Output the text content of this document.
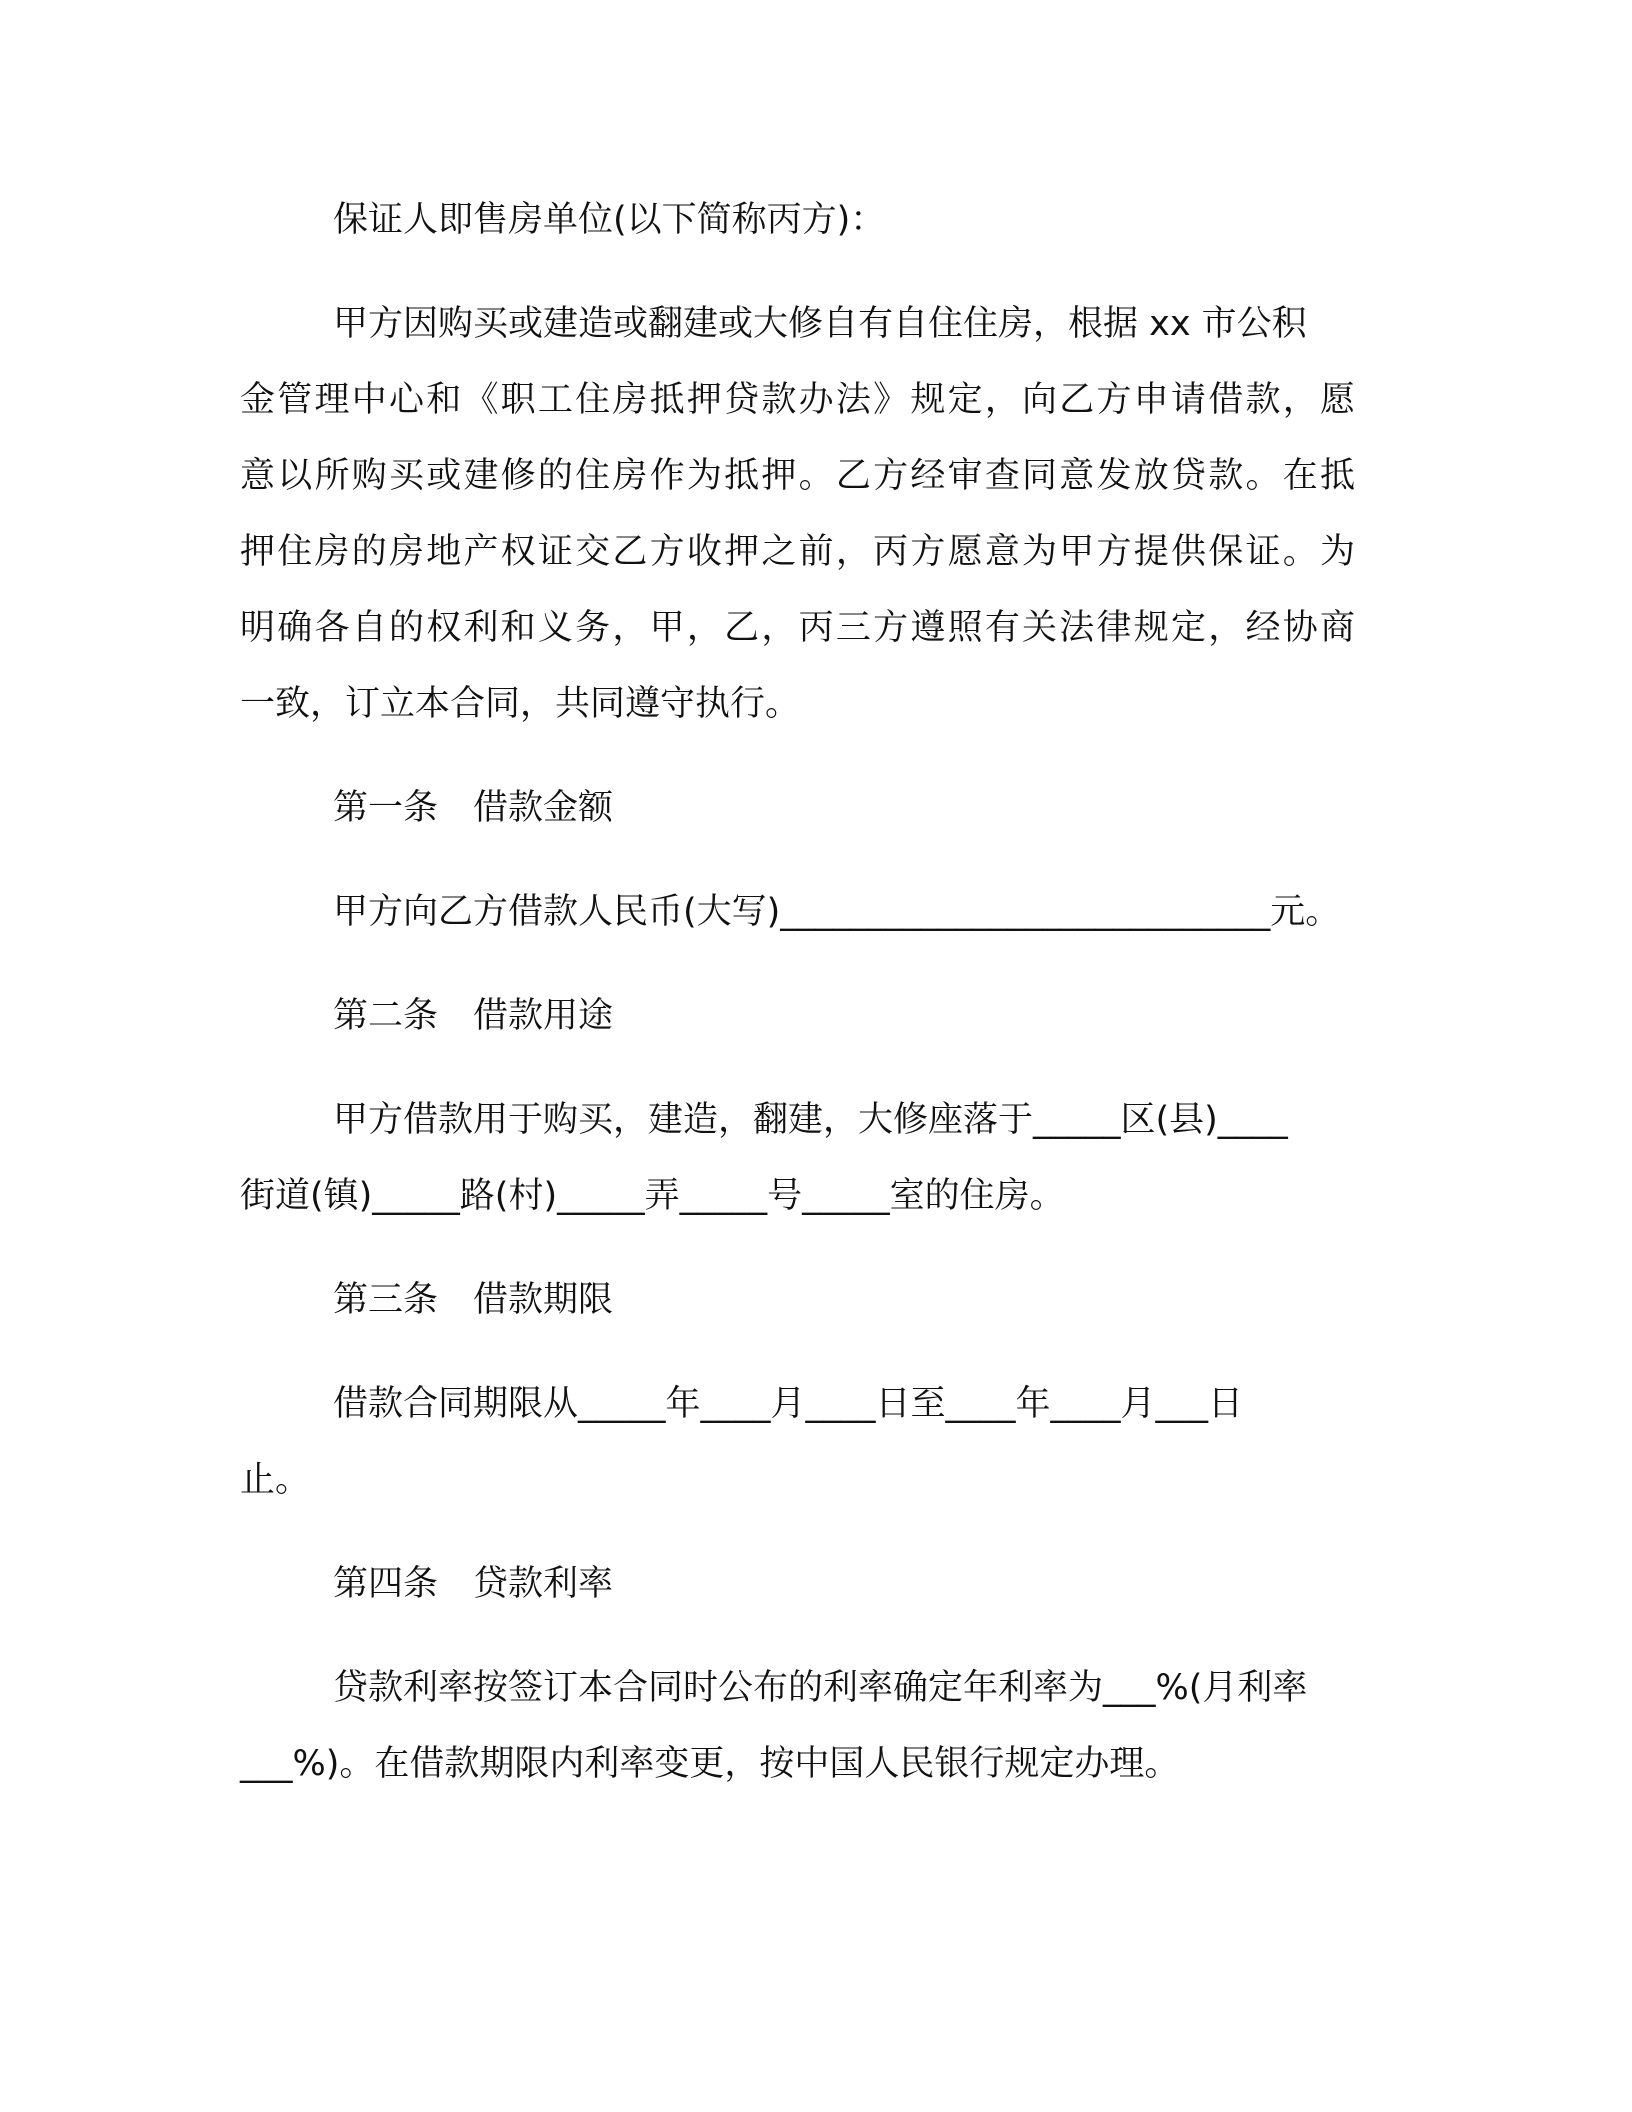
保证人即售房单位(以下简称丙方)：

甲方因购买或建造或翻建或大修自有自住住房，根据 xx 市公积

金管理中心和《职工住房抵押贷款办法》规定，向乙方申请借款，愿

意以所购买或建修的住房作为抵押。乙方经审查同意发放贷款。在抵

押住房的房地产权证交乙方收押之前，丙方愿意为甲方提供保证。为

明确各自的权利和义务，甲，乙，丙三方遵照有关法律规定，经协商

一致，订立本合同，共同遵守执行。

第一条　借款金额

甲方向乙方借款人民币(大写)____________________________元。

第二条　借款用途

甲方借款用于购买，建造，翻建，大修座落于_____区(县)____

街道(镇)_____路(村)_____弄_____号_____室的住房。

第三条　借款期限

借款合同期限从_____年____月____日至____年____月___日

止。

第四条　贷款利率

贷款利率按签订本合同时公布的利率确定年利率为___%(月利率

___%)。在借款期限内利率变更，按中国人民银行规定办理。
